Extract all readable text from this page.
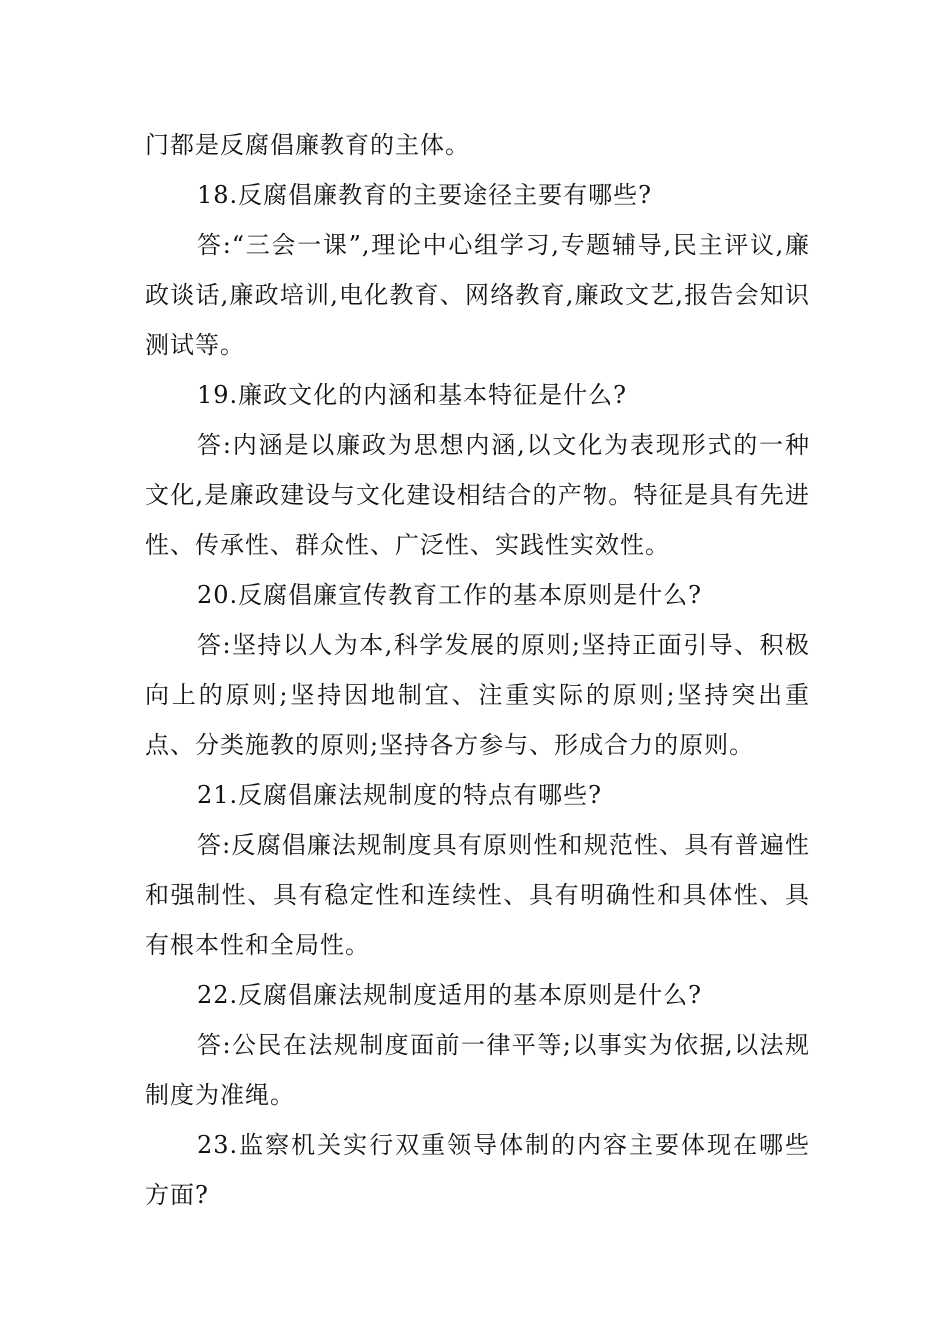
门都是反腐倡廉教育的主体。

18.反腐倡廉教育的主要途径主要有哪些?

答:“三会一课”,理论中心组学习,专题辅导,民主评议,廉政谈话,廉政培训,电化教育、网络教育,廉政文艺,报告会知识测试等。

19.廉政文化的内涵和基本特征是什么?

答:内涵是以廉政为思想内涵,以文化为表现形式的一种文化,是廉政建设与文化建设相结合的产物。特征是具有先进性、传承性、群众性、广泛性、实践性实效性。

20.反腐倡廉宣传教育工作的基本原则是什么?

答:坚持以人为本,科学发展的原则;坚持正面引导、积极向上的原则;坚持因地制宜、注重实际的原则;坚持突出重点、分类施教的原则;坚持各方参与、形成合力的原则。

21.反腐倡廉法规制度的特点有哪些?

答:反腐倡廉法规制度具有原则性和规范性、具有普遍性和强制性、具有稳定性和连续性、具有明确性和具体性、具有根本性和全局性。

22.反腐倡廉法规制度适用的基本原则是什么?

答:公民在法规制度面前一律平等;以事实为依据,以法规制度为准绳。

23.监察机关实行双重领导体制的内容主要体现在哪些方面?
